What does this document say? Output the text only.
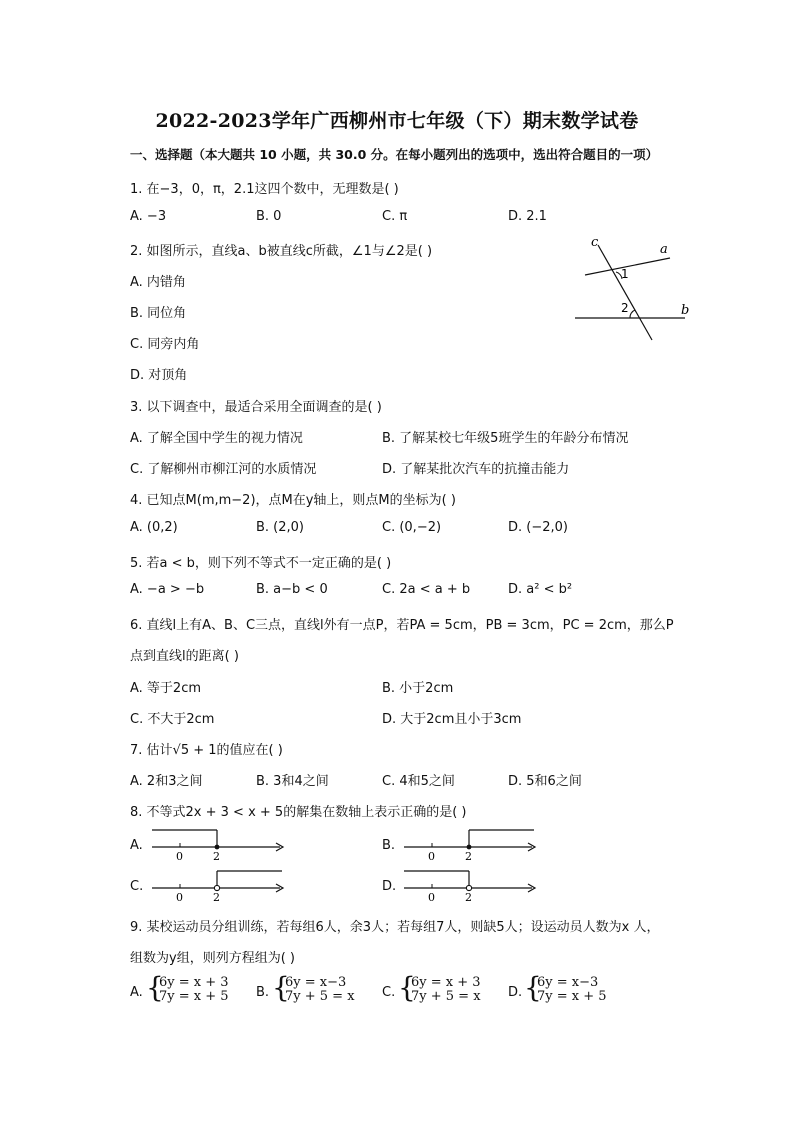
2022-2023学年广西柳州市七年级（下）期末数学试卷
一、选择题（本大题共 10 小题，共 30.0 分。在每小题列出的选项中，选出符合题目的一项）
1. 在−3，0，π，2.1这四个数中，无理数是( )
A. −3	B. 0	C. π	D. 2.1
2. 如图所示，直线a、b被直线c所截，∠1与∠2是( )
A. 内错角
B. 同位角
C. 同旁内角
D. 对顶角
c	a
1
2	b
3. 以下调查中，最适合采用全面调查的是( )
A. 了解全国中学生的视力情况	B. 了解某校七年级5班学生的年龄分布情况
C. 了解柳州市柳江河的水质情况	D. 了解某批次汽车的抗撞击能力
4. 已知点M(m,m−2)，点M在y轴上，则点M的坐标为( )
A. (0,2)	B. (2,0)	C. (0,−2)	D. (−2,0)
5. 若a < b，则下列不等式不一定正确的是( )
A. −a > −b	B. a−b < 0	C. 2a < a + b	D. a² < b²
6. 直线l上有A、B、C三点，直线l外有一点P，若PA = 5cm，PB = 3cm，PC = 2cm，那么P
点到直线l的距离( )
A. 等于2cm	B. 小于2cm
C. 不大于2cm	D. 大于2cm且小于3cm
7. 估计√5 + 1的值应在( )
A. 2和3之间	B. 3和4之间	C. 4和5之间	D. 5和6之间
8. 不等式2x + 3 < x + 5的解集在数轴上表示正确的是( )
A.
0	2
B.
0	2
C.
0	2
D.
0	2
9. 某校运动员分组训练，若每组6人，余3人；若每组7人，则缺5人；设运动员人数为x 人，
组数为y组，则列方程组为( )
A. {
6y = x + 3
7y = x + 5 B. {
6y = x−3
7y + 5 = x C. {
6y = x + 3
7y + 5 = x D. {
6y = x−3
7y = x + 5
